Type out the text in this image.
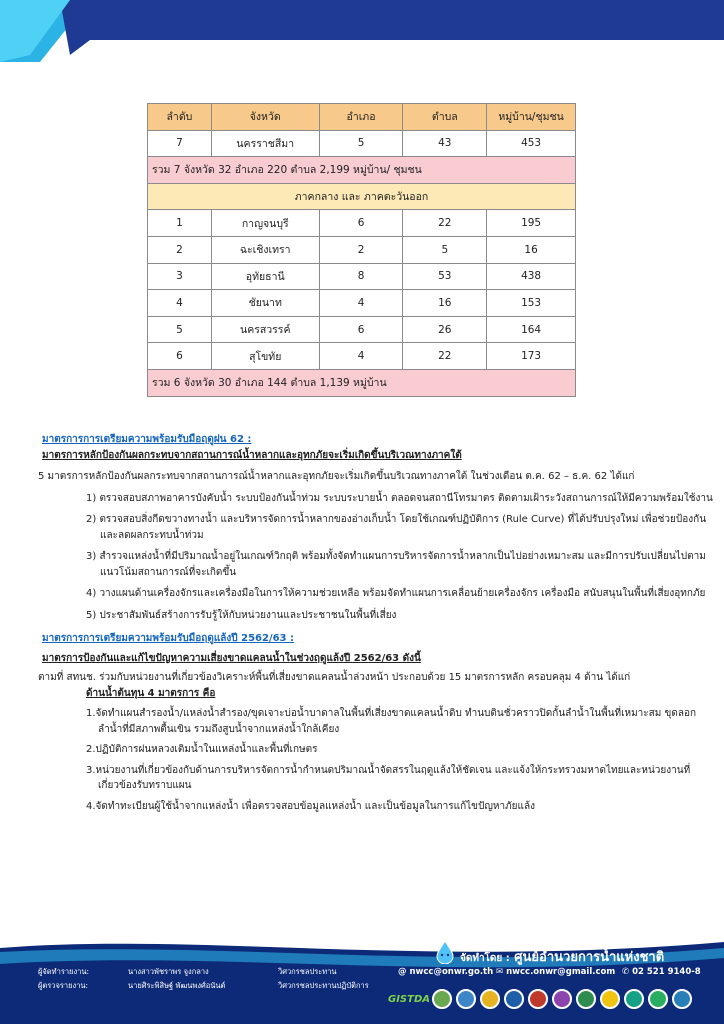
ลำดับ	จังหวัด	อำเภอ	ตำบล	หมู่บ้าน/ชุมชน
7	นครราชสีมา	5	43	453
รวม 7 จังหวัด 32 อำเภอ 220 ตำบล 2,199 หมู่บ้าน/ ชุมชน				
ภาคกลาง และ ภาคตะวันออก				
1	กาญจนบุรี	6	22	195
2	ฉะเชิงเทรา	2	5	16
3	อุทัยธานี	8	53	438
4	ชัยนาท	4	16	153
5	นครสวรรค์	6	26	164
6	สุโขทัย	4	22	173
รวม 6 จังหวัด 30 อำเภอ 144 ตำบล 1,139 หมู่บ้าน				
มาตรการการเตรียมความพร้อมรับมือฤดูฝน 62 :
มาตรการหลักป้องกันผลกระทบจากสถานการณ์น้ำหลากและอุทกภัยจะเริ่มเกิดขึ้นบริเวณทางภาคใต้
5 มาตรการหลักป้องกันผลกระทบจากสถานการณ์น้ำหลากและอุทกภัยจะเริ่มเกิดขึ้นบริเวณทางภาคใต้ ในช่วงเดือน ต.ค. 62 – ธ.ค. 62 ได้แก่
1) ตรวจสอบสภาพอาคารบังคับน้ำ ระบบป้องกันน้ำท่วม ระบบระบายน้ำ ตลอดจนสถานีโทรมาตร ติดตามเฝ้าระวังสถานการณ์ให้มีความพร้อมใช้งาน
2) ตรวจสอบสิ่งกีดขวางทางน้ำ และบริหารจัดการน้ำหลากของอ่างเก็บน้ำ โดยใช้เกณฑ์ปฏิบัติการ (Rule Curve) ที่ได้ปรับปรุงใหม่ เพื่อช่วยป้องกันและลดผลกระทบน้ำท่วม
3) สำรวจแหล่งน้ำที่มีปริมาณน้ำอยู่ในเกณฑ์วิกฤติ พร้อมทั้งจัดทำแผนการบริหารจัดการน้ำหลากเป็นไปอย่างเหมาะสม และมีการปรับเปลี่ยนไปตามแนวโน้มสถานการณ์ที่จะเกิดขึ้น
4) วางแผนด้านเครื่องจักรและเครื่องมือในการให้ความช่วยเหลือ พร้อมจัดทำแผนการเคลื่อนย้ายเครื่องจักร เครื่องมือ สนับสนุนในพื้นที่เสี่ยงอุทกภัย
5) ประชาสัมพันธ์สร้างการรับรู้ให้กับหน่วยงานและประชาชนในพื้นที่เสี่ยง
มาตรการการเตรียมความพร้อมรับมือฤดูแล้งปี 2562/63 :
มาตรการป้องกันและแก้ไขปัญหาความเสี่ยงขาดแคลนน้ำในช่วงฤดูแล้งปี 2562/63 ดังนี้
ตามที่ สทนช. ร่วมกับหน่วยงานที่เกี่ยวข้องวิเคราะห์พื้นที่เสี่ยงขาดแคลนน้ำล่วงหน้า ประกอบด้วย 15 มาตรการหลัก ครอบคลุม 4 ด้าน ได้แก่
ด้านน้ำต้นทุน 4 มาตรการ คือ
1.จัดทำแผนสำรองน้ำ/แหล่งน้ำสำรอง/ขุดเจาะบ่อน้ำบาดาลในพื้นที่เสี่ยงขาดแคลนน้ำดิบ ทำนบดินชั่วคราวปิดกั้นลำน้ำในพื้นที่เหมาะสม ขุดลอกลำน้ำที่มีสภาพตื้นเขิน รวมถึงสูบน้ำจากแหล่งน้ำใกล้เคียง
2.ปฏิบัติการฝนหลวงเติมน้ำในแหล่งน้ำและพื้นที่เกษตร
3.หน่วยงานที่เกี่ยวข้องกับด้านการบริหารจัดการน้ำกำหนดปริมาณน้ำจัดสรรในฤดูแล้งให้ชัดเจน และแจ้งให้กระทรวงมหาดไทยและหน่วยงานที่ เกี่ยวข้องรับทราบแผน
4.จัดทำทะเบียนผู้ใช้น้ำจากแหล่งน้ำ เพื่อตรวจสอบข้อมูลแหล่งน้ำ และเป็นข้อมูลในการแก้ไขปัญหาภัยแล้ง
ผู้จัดทำรายงาน:	นางสาวพัชราพร จูงกลาง	วิศวกรชลประทาน
ผู้ตรวจรายงาน:	นายศิระพิสิษฐ์ พัฒนพงศ์อนันต์	วิศวกรชลประทานปฏิบัติการ
จัดทำโดย : ศูนย์อำนวยการน้ำแห่งชาติ
@ nwcc@onwr.go.th ✉ nwcc.onwr@gmail.com ✆ 02 521 9140-8
GISTDA
